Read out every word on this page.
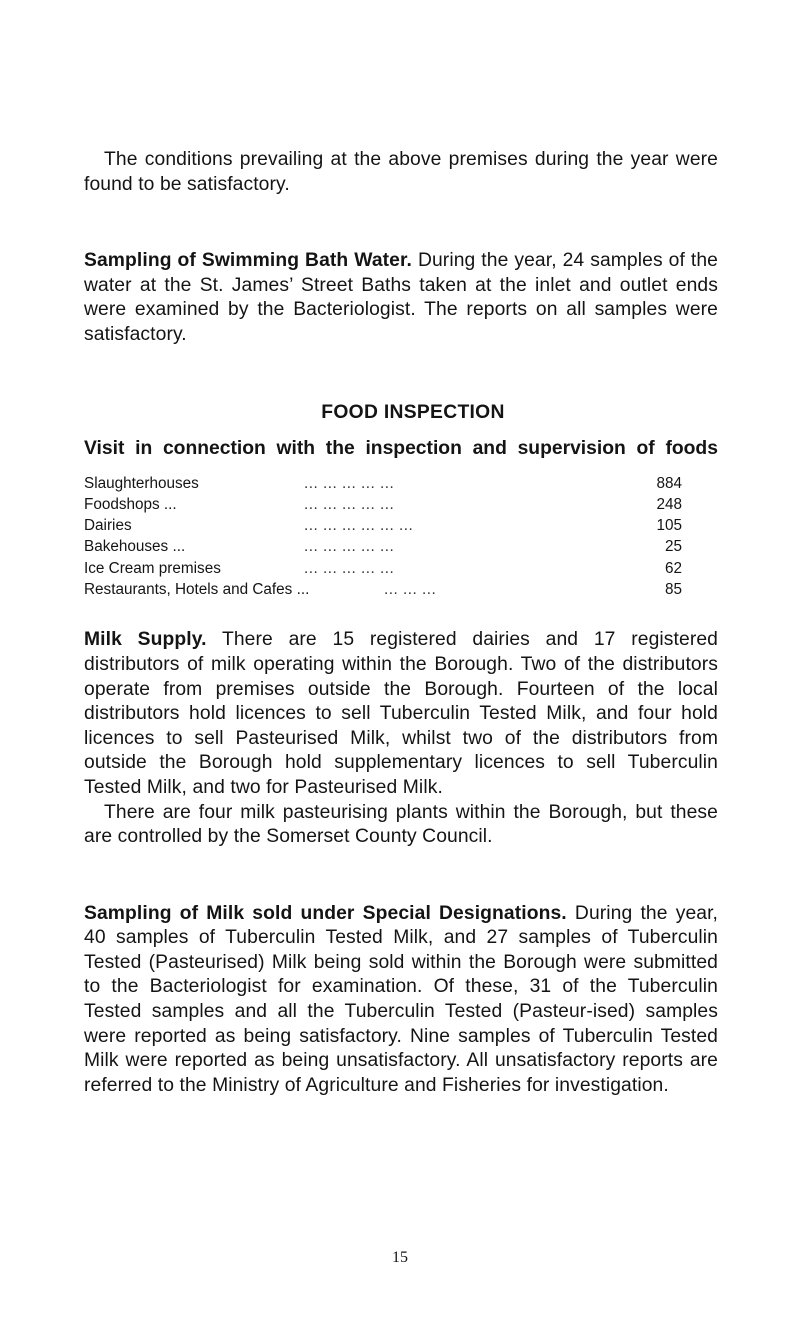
The conditions prevailing at the above premises during the year were found to be satisfactory.

Sampling of Swimming Bath Water. During the year, 24 samples of the water at the St. James’ Street Baths taken at the inlet and outlet ends were examined by the Bacteriologist. The reports on all samples were satisfactory.

FOOD INSPECTION
Visit in connection with the inspection and supervision of foods
Slaughterhouses	... ... ... ... ...	884
Foodshops ...	... ... ... ... ...	248
Dairies	... ... ... ... ... ...	105
Bakehouses ...	... ... ... ... ...	25
Ice Cream premises	... ... ... ... ...	62
Restaurants, Hotels and Cafes ...	... ... ...	85

Milk Supply. There are 15 registered dairies and 17 registered distributors of milk operating within the Borough. Two of the distributors operate from premises outside the Borough. Fourteen of the local distributors hold licences to sell Tuberculin Tested Milk, and four hold licences to sell Pasteurised Milk, whilst two of the distributors from outside the Borough hold supplementary licences to sell Tuberculin Tested Milk, and two for Pasteurised Milk.

There are four milk pasteurising plants within the Borough, but these are controlled by the Somerset County Council.

Sampling of Milk sold under Special Designations. During the year, 40 samples of Tuberculin Tested Milk, and 27 samples of Tuberculin Tested (Pasteurised) Milk being sold within the Borough were submitted to the Bacteriologist for examination. Of these, 31 of the Tuberculin Tested samples and all the Tuberculin Tested (Pasteur-ised) samples were reported as being satisfactory. Nine samples of Tuberculin Tested Milk were reported as being unsatisfactory. All unsatisfactory reports are referred to the Ministry of Agriculture and Fisheries for investigation.

15
